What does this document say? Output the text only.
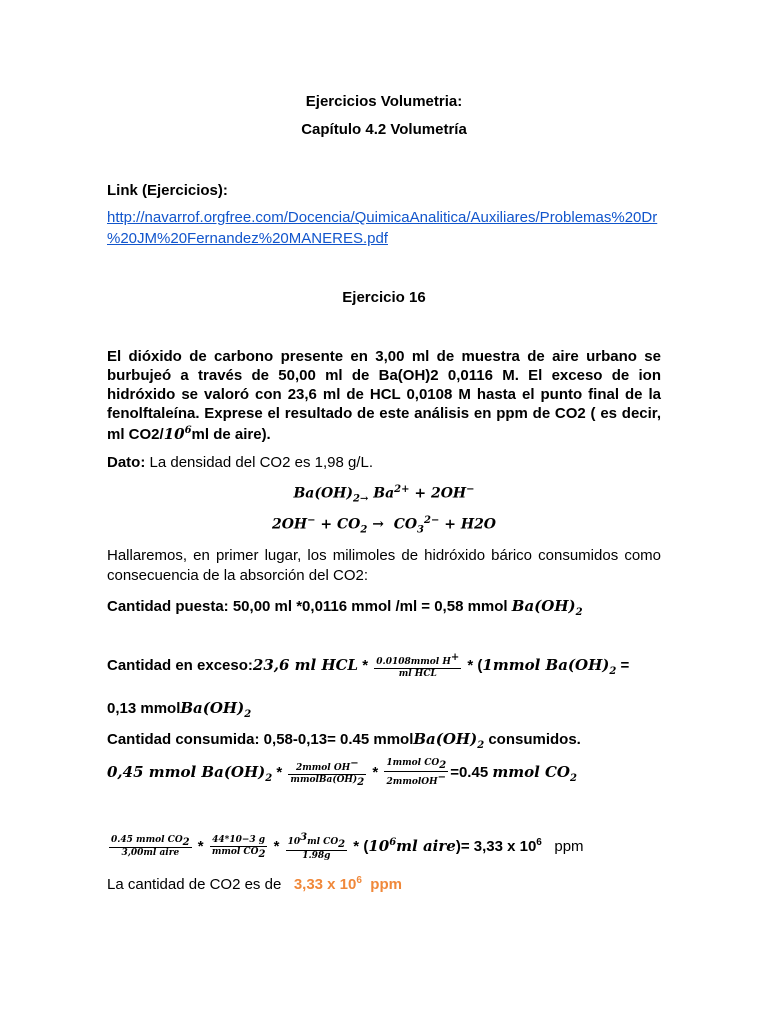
Ejercicios Volumetria:
Capítulo 4.2 Volumetría
Link (Ejercicios):
http://navarrof.orgfree.com/Docencia/QuimicaAnalitica/Auxiliares/Problemas%20Dr
%20JM%20Fernandez%20MANERES.pdf
Ejercicio 16
El dióxido de carbono presente en 3,00 ml de muestra de aire urbano se
burbujeó a través de 50,00 ml de Ba(OH)2 0,0116 M. El exceso de ion
hidróxido se valoró con 23,6 ml de HCL 0,0108 M hasta el punto final de la
fenolftaleína. Exprese el resultado de este análisis en ppm de CO2 ( es decir,
ml $CO2/10^6ml$ de aire).
Dato: La densidad del CO2 es 1,98 g/L.
$Ba(OH)_{2\to}$ $Ba^{2+} + 2OH^-$
$2OH^- + CO_2 \to CO_3^{2-} + H2O$
Hallaremos, en primer lugar, los milimoles de hidróxido bárico consumidos como
consecuencia de la absorción del CO2:
Cantidad puesta: 50,00 ml *0,0116 mmol /ml = 0,58 mmol $Ba(OH)_2$
Cantidad en exceso:23,6 ml HCL * $\frac{0.0108mmol H^+}{\text{ml HCL}}$ * (1mmol $Ba(OH)_2$ =
0,13 $mmolBa(OH)_2$
Cantidad consumida: 0,58-0,13= 0.45 $mmolBa(OH)_2$ consumidos.
0,45 mmol $Ba(OH)_2 * \frac{2mmol OH^-}{mmolBa(OH)_2} * \frac{1mmol CO_2}{2mmolOH^-} =0.45$ mmol $CO_2$
$\frac{0.45 mmol CO_2}{\text{3,00ml aire}} * \frac{44*10-3 g}{mmol CO_2} * \frac{10^3ml CO_2}{1.98g} * (10^6ml$ aire)= 3,33 x $10^6$ ppm
La cantidad de CO2 es de 3,33 x $10^6$ ppm
